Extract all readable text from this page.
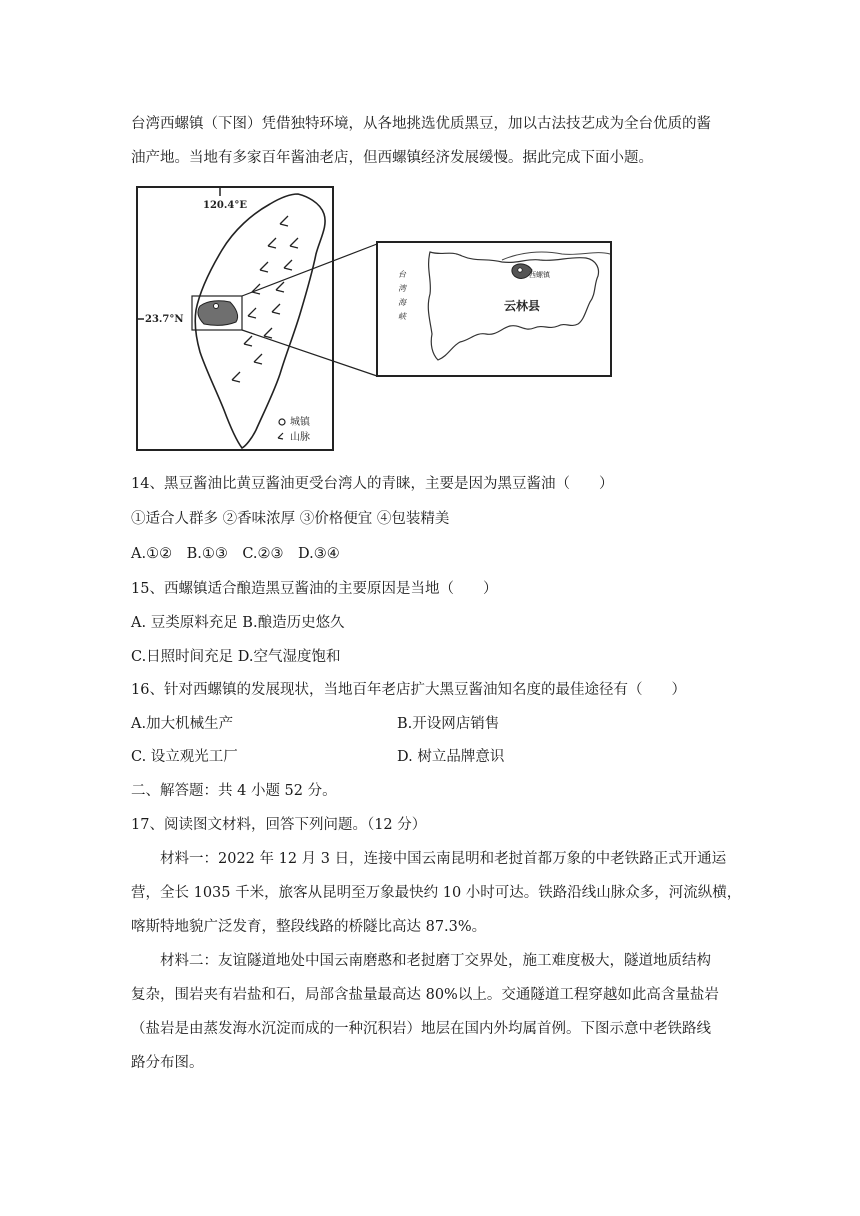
台湾西螺镇（下图）凭借独特环境，从各地挑选优质黑豆，加以古法技艺成为全台优质的酱
油产地。当地有多家百年酱油老店，但西螺镇经济发展缓慢。据此完成下面小题。
120.4°E
23.7°N
城镇
山脉
西螺镇
云林县
台湾海峡
14、黑豆酱油比黄豆酱油更受台湾人的青睐，主要是因为黑豆酱油（　　）
①适合人群多 ②香味浓厚 ③价格便宜 ④包装精美
A.①②　B.①③　C.②③　D.③④
15、西螺镇适合酿造黑豆酱油的主要原因是当地（　　）
A. 豆类原料充足 B.酿造历史悠久
C.日照时间充足 D.空气湿度饱和
16、针对西螺镇的发展现状，当地百年老店扩大黑豆酱油知名度的最佳途径有（　　）
A.加大机械生产	B.开设网店销售
C. 设立观光工厂	D. 树立品牌意识
二、解答题：共 4 小题 52 分。
17、阅读图文材料，回答下列问题。（12 分）
材料一：2022 年 12 月 3 日，连接中国云南昆明和老挝首都万象的中老铁路正式开通运
营，全长 1035 千米，旅客从昆明至万象最快约 10 小时可达。铁路沿线山脉众多，河流纵横，
喀斯特地貌广泛发育，整段线路的桥隧比高达 87.3%。
材料二：友谊隧道地处中国云南磨憨和老挝磨丁交界处，施工难度极大，隧道地质结构
复杂，围岩夹有岩盐和石，局部含盐量最高达 80%以上。交通隧道工程穿越如此高含量盐岩
（盐岩是由蒸发海水沉淀而成的一种沉积岩）地层在国内外均属首例。下图示意中老铁路线
路分布图。
